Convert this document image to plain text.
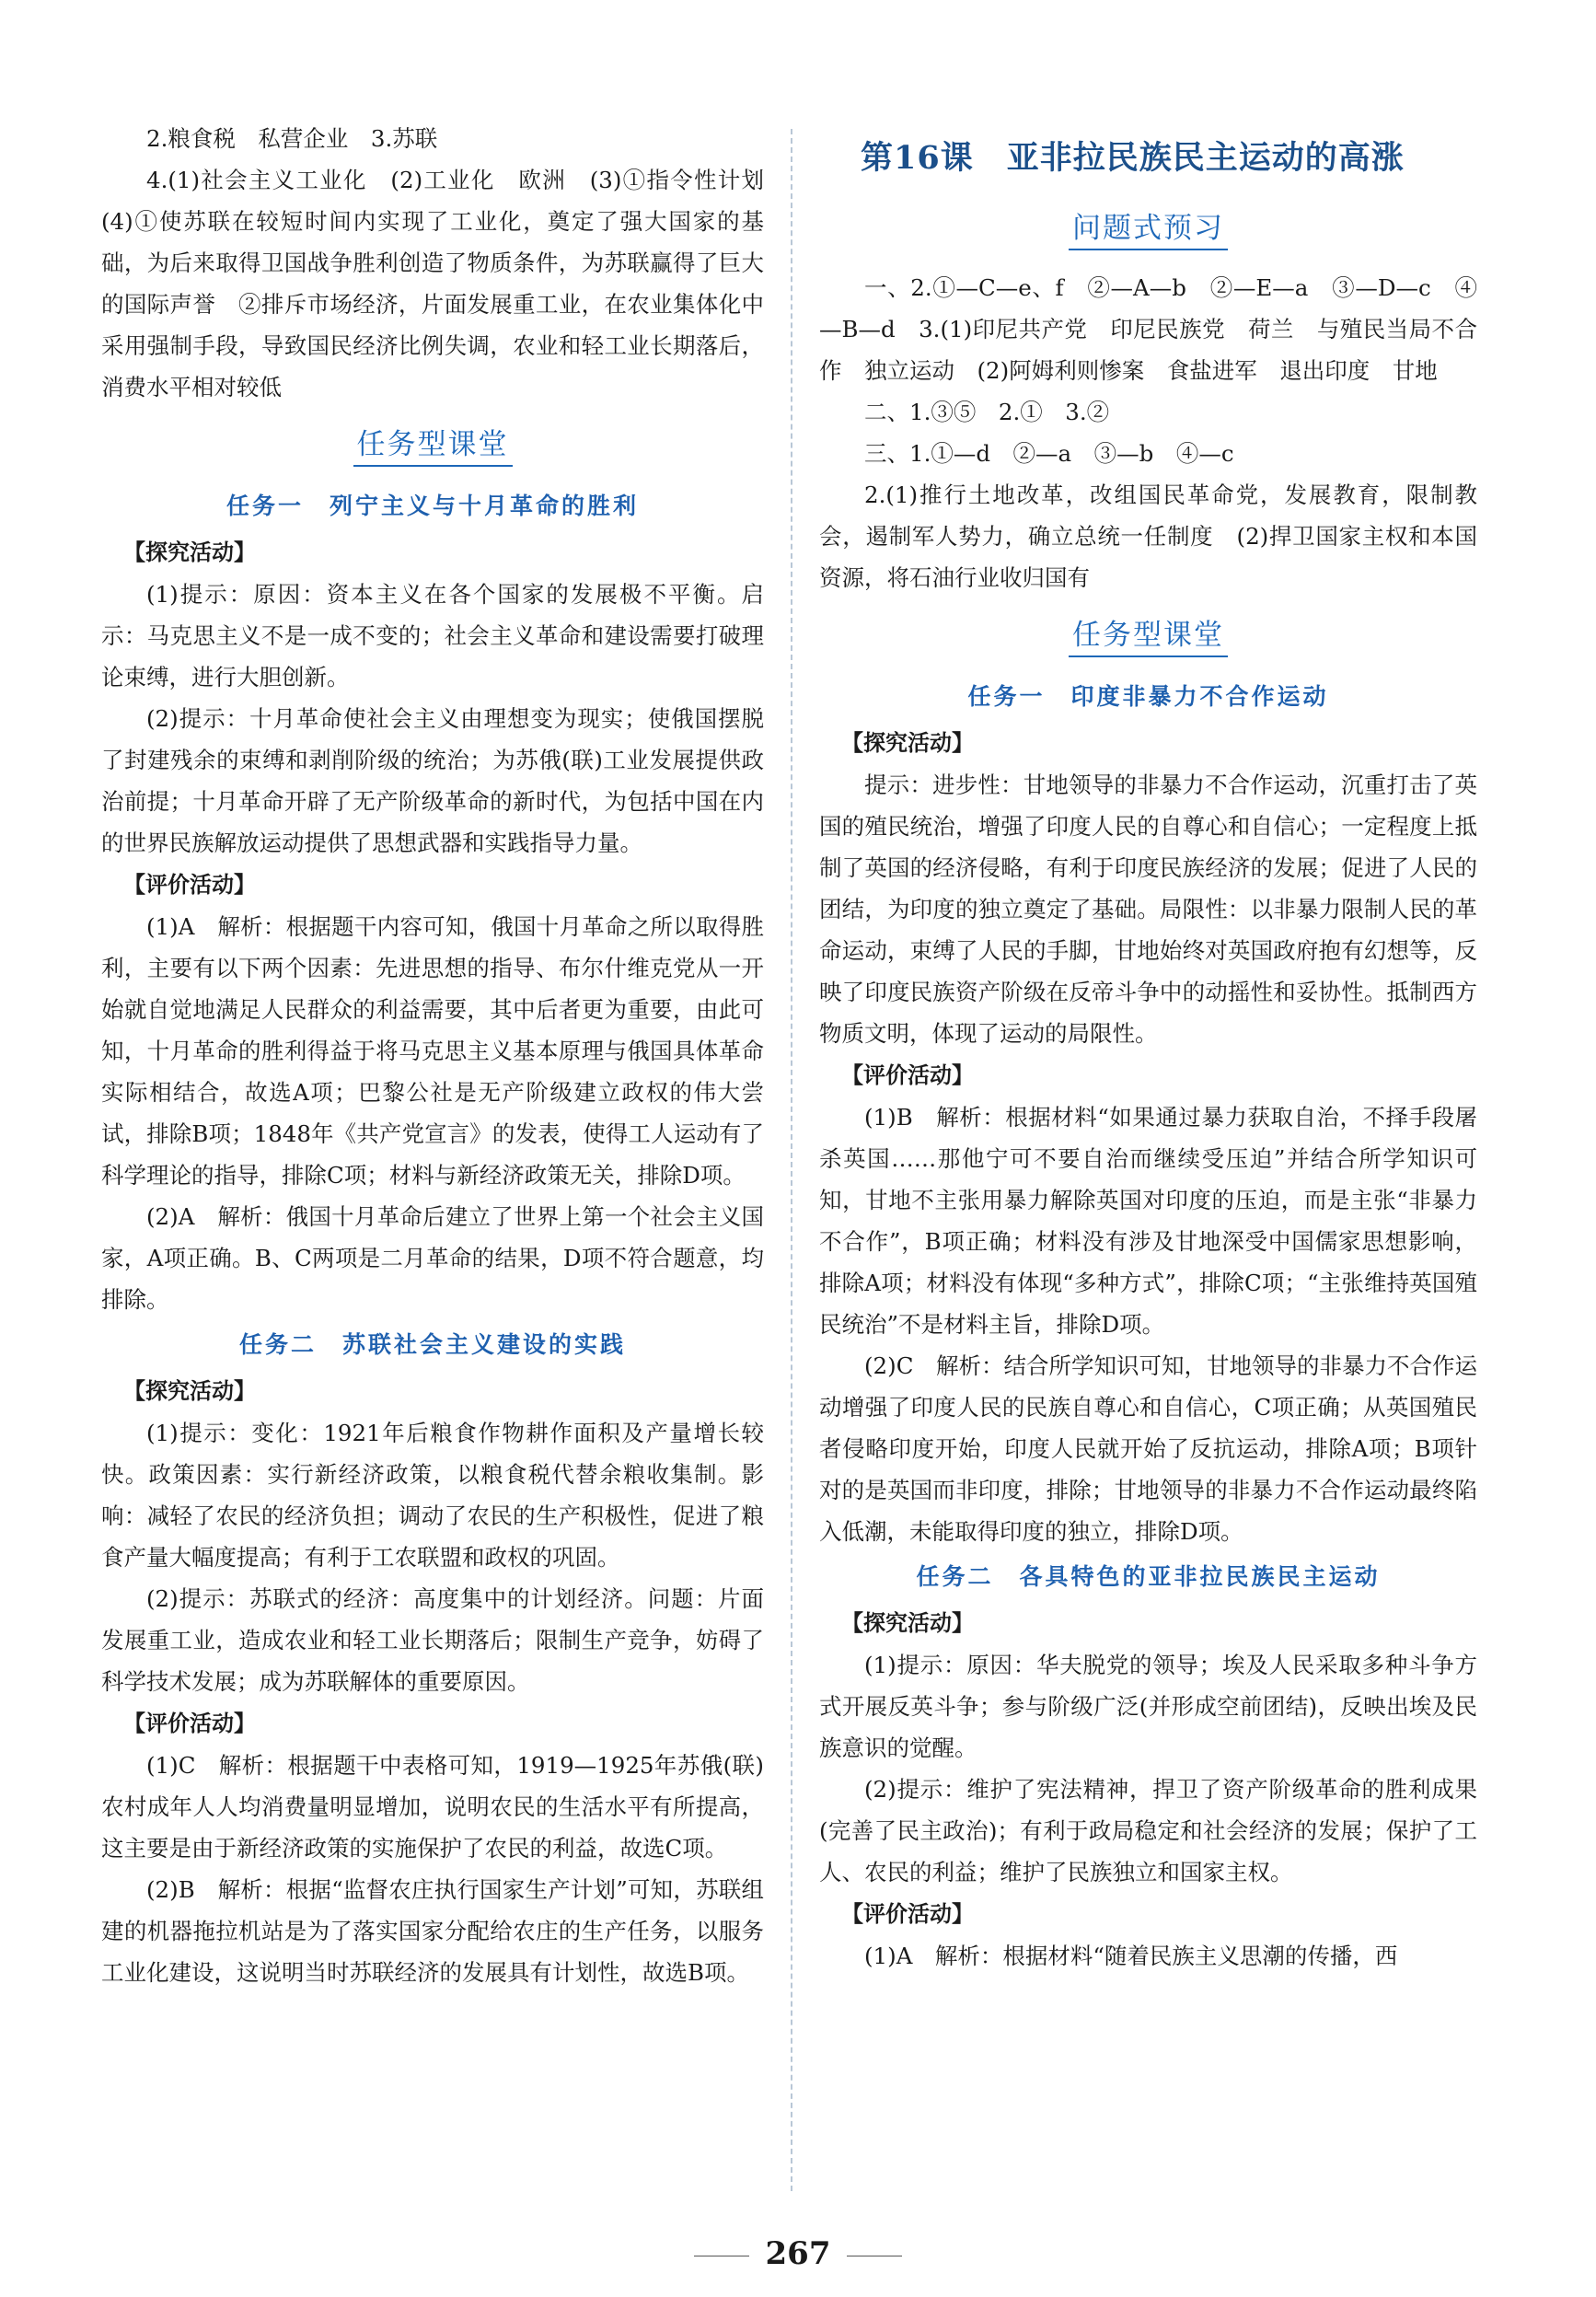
2.粮食税　私营企业　3.苏联

4.(1)社会主义工业化　(2)工业化　欧洲　(3)①指令性计划　(4)①使苏联在较短时间内实现了工业化，奠定了强大国家的基础，为后来取得卫国战争胜利创造了物质条件，为苏联赢得了巨大的国际声誉　②排斥市场经济，片面发展重工业，在农业集体化中采用强制手段，导致国民经济比例失调，农业和轻工业长期落后，消费水平相对较低

任务型课堂
任务一　列宁主义与十月革命的胜利
【探究活动】

(1)提示：原因：资本主义在各个国家的发展极不平衡。启示：马克思主义不是一成不变的；社会主义革命和建设需要打破理论束缚，进行大胆创新。

(2)提示：十月革命使社会主义由理想变为现实；使俄国摆脱了封建残余的束缚和剥削阶级的统治；为苏俄(联)工业发展提供政治前提；十月革命开辟了无产阶级革命的新时代，为包括中国在内的世界民族解放运动提供了思想武器和实践指导力量。

【评价活动】

(1)A　解析：根据题干内容可知，俄国十月革命之所以取得胜利，主要有以下两个因素：先进思想的指导、布尔什维克党从一开始就自觉地满足人民群众的利益需要，其中后者更为重要，由此可知，十月革命的胜利得益于将马克思主义基本原理与俄国具体革命实际相结合，故选A项；巴黎公社是无产阶级建立政权的伟大尝试，排除B项；1848年《共产党宣言》的发表，使得工人运动有了科学理论的指导，排除C项；材料与新经济政策无关，排除D项。

(2)A　解析：俄国十月革命后建立了世界上第一个社会主义国家，A项正确。B、C两项是二月革命的结果，D项不符合题意，均排除。

任务二　苏联社会主义建设的实践
【探究活动】

(1)提示：变化：1921年后粮食作物耕作面积及产量增长较快。政策因素：实行新经济政策，以粮食税代替余粮收集制。影响：减轻了农民的经济负担；调动了农民的生产积极性，促进了粮食产量大幅度提高；有利于工农联盟和政权的巩固。

(2)提示：苏联式的经济：高度集中的计划经济。问题：片面发展重工业，造成农业和轻工业长期落后；限制生产竞争，妨碍了科学技术发展；成为苏联解体的重要原因。

【评价活动】

(1)C　解析：根据题干中表格可知，1919—1925年苏俄(联)农村成年人人均消费量明显增加，说明农民的生活水平有所提高，这主要是由于新经济政策的实施保护了农民的利益，故选C项。

(2)B　解析：根据“监督农庄执行国家生产计划”可知，苏联组建的机器拖拉机站是为了落实国家分配给农庄的生产任务，以服务工业化建设，这说明当时苏联经济的发展具有计划性，故选B项。

第16课　亚非拉民族民主运动的高涨
问题式预习

一、2.①—C—e、f　②—A—b　②—E—a　③—D—c　④—B—d　3.(1)印尼共产党　印尼民族党　荷兰　与殖民当局不合作　独立运动　(2)阿姆利则惨案　食盐进军　退出印度　甘地

二、1.③⑤　2.①　3.②

三、1.①—d　②—a　③—b　④—c

2.(1)推行土地改革，改组国民革命党，发展教育，限制教会，遏制军人势力，确立总统一任制度　(2)捍卫国家主权和本国资源，将石油行业收归国有

任务型课堂
任务一　印度非暴力不合作运动
【探究活动】

提示：进步性：甘地领导的非暴力不合作运动，沉重打击了英国的殖民统治，增强了印度人民的自尊心和自信心；一定程度上抵制了英国的经济侵略，有利于印度民族经济的发展；促进了人民的团结，为印度的独立奠定了基础。局限性：以非暴力限制人民的革命运动，束缚了人民的手脚，甘地始终对英国政府抱有幻想等，反映了印度民族资产阶级在反帝斗争中的动摇性和妥协性。抵制西方物质文明，体现了运动的局限性。

【评价活动】

(1)B　解析：根据材料“如果通过暴力获取自治，不择手段屠杀英国……那他宁可不要自治而继续受压迫”并结合所学知识可知，甘地不主张用暴力解除英国对印度的压迫，而是主张“非暴力不合作”，B项正确；材料没有涉及甘地深受中国儒家思想影响，排除A项；材料没有体现“多种方式”，排除C项；“主张维持英国殖民统治”不是材料主旨，排除D项。

(2)C　解析：结合所学知识可知，甘地领导的非暴力不合作运动增强了印度人民的民族自尊心和自信心，C项正确；从英国殖民者侵略印度开始，印度人民就开始了反抗运动，排除A项；B项针对的是英国而非印度，排除；甘地领导的非暴力不合作运动最终陷入低潮，未能取得印度的独立，排除D项。

任务二　各具特色的亚非拉民族民主运动
【探究活动】

(1)提示：原因：华夫脱党的领导；埃及人民采取多种斗争方式开展反英斗争；参与阶级广泛(并形成空前团结)，反映出埃及民族意识的觉醒。

(2)提示：维护了宪法精神，捍卫了资产阶级革命的胜利成果(完善了民主政治)；有利于政局稳定和社会经济的发展；保护了工人、农民的利益；维护了民族独立和国家主权。

【评价活动】

(1)A　解析：根据材料“随着民族主义思潮的传播，西

267
